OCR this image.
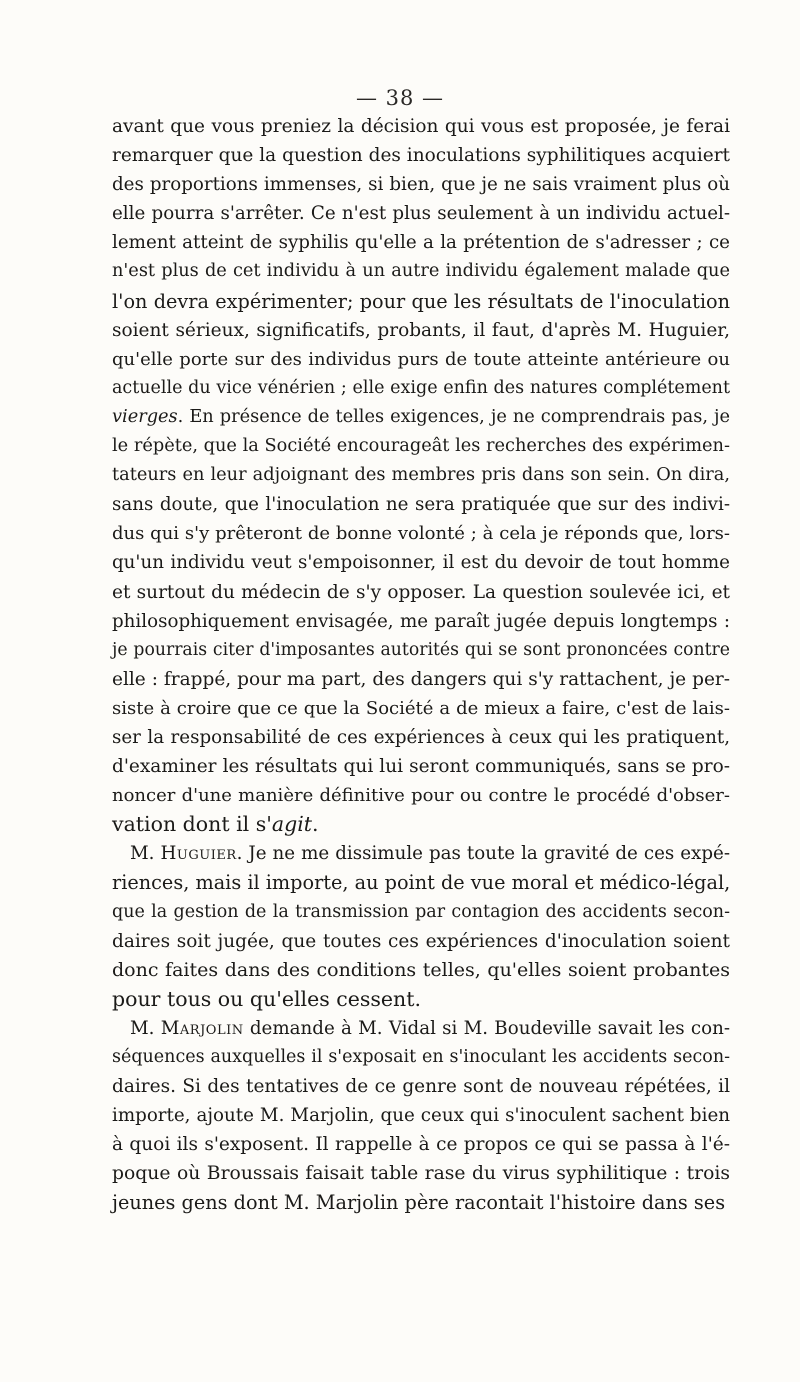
— 38 —
avant que vous preniez la décision qui vous est proposée, je ferai
remarquer que la question des inoculations syphilitiques acquiert
des proportions immenses, si bien, que je ne sais vraiment plus où
elle pourra s'arrêter. Ce n'est plus seulement à un individu actuel-
lement atteint de syphilis qu'elle a la prétention de s'adresser ; ce
n'est plus de cet individu à un autre individu également malade que
l'on devra expérimenter; pour que les résultats de l'inoculation
soient sérieux, significatifs, probants, il faut, d'après M. Huguier,
qu'elle porte sur des individus purs de toute atteinte antérieure ou
actuelle du vice vénérien ; elle exige enfin des natures complétement
vierges. En présence de telles exigences, je ne comprendrais pas, je
le répète, que la Société encourageât les recherches des expérimen-
tateurs en leur adjoignant des membres pris dans son sein. On dira,
sans doute, que l'inoculation ne sera pratiquée que sur des indivi-
dus qui s'y prêteront de bonne volonté ; à cela je réponds que, lors-
qu'un individu veut s'empoisonner, il est du devoir de tout homme
et surtout du médecin de s'y opposer. La question soulevée ici, et
philosophiquement envisagée, me paraît jugée depuis longtemps :
je pourrais citer d'imposantes autorités qui se sont prononcées contre
elle : frappé, pour ma part, des dangers qui s'y rattachent, je per-
siste à croire que ce que la Société a de mieux a faire, c'est de lais-
ser la responsabilité de ces expériences à ceux qui les pratiquent,
d'examiner les résultats qui lui seront communiqués, sans se pro-
noncer d'une manière définitive pour ou contre le procédé d'obser-
vation dont il s'agit.
M. Huguier. Je ne me dissimule pas toute la gravité de ces expé-
riences, mais il importe, au point de vue moral et médico-légal,
que la gestion de la transmission par contagion des accidents secon-
daires soit jugée, que toutes ces expériences d'inoculation soient
donc faites dans des conditions telles, qu'elles soient probantes
pour tous ou qu'elles cessent.
M. Marjolin demande à M. Vidal si M. Boudeville savait les con-
séquences auxquelles il s'exposait en s'inoculant les accidents secon-
daires. Si des tentatives de ce genre sont de nouveau répétées, il
importe, ajoute M. Marjolin, que ceux qui s'inoculent sachent bien
à quoi ils s'exposent. Il rappelle à ce propos ce qui se passa à l'é-
poque où Broussais faisait table rase du virus syphilitique : trois
jeunes gens dont M. Marjolin père racontait l'histoire dans ses
